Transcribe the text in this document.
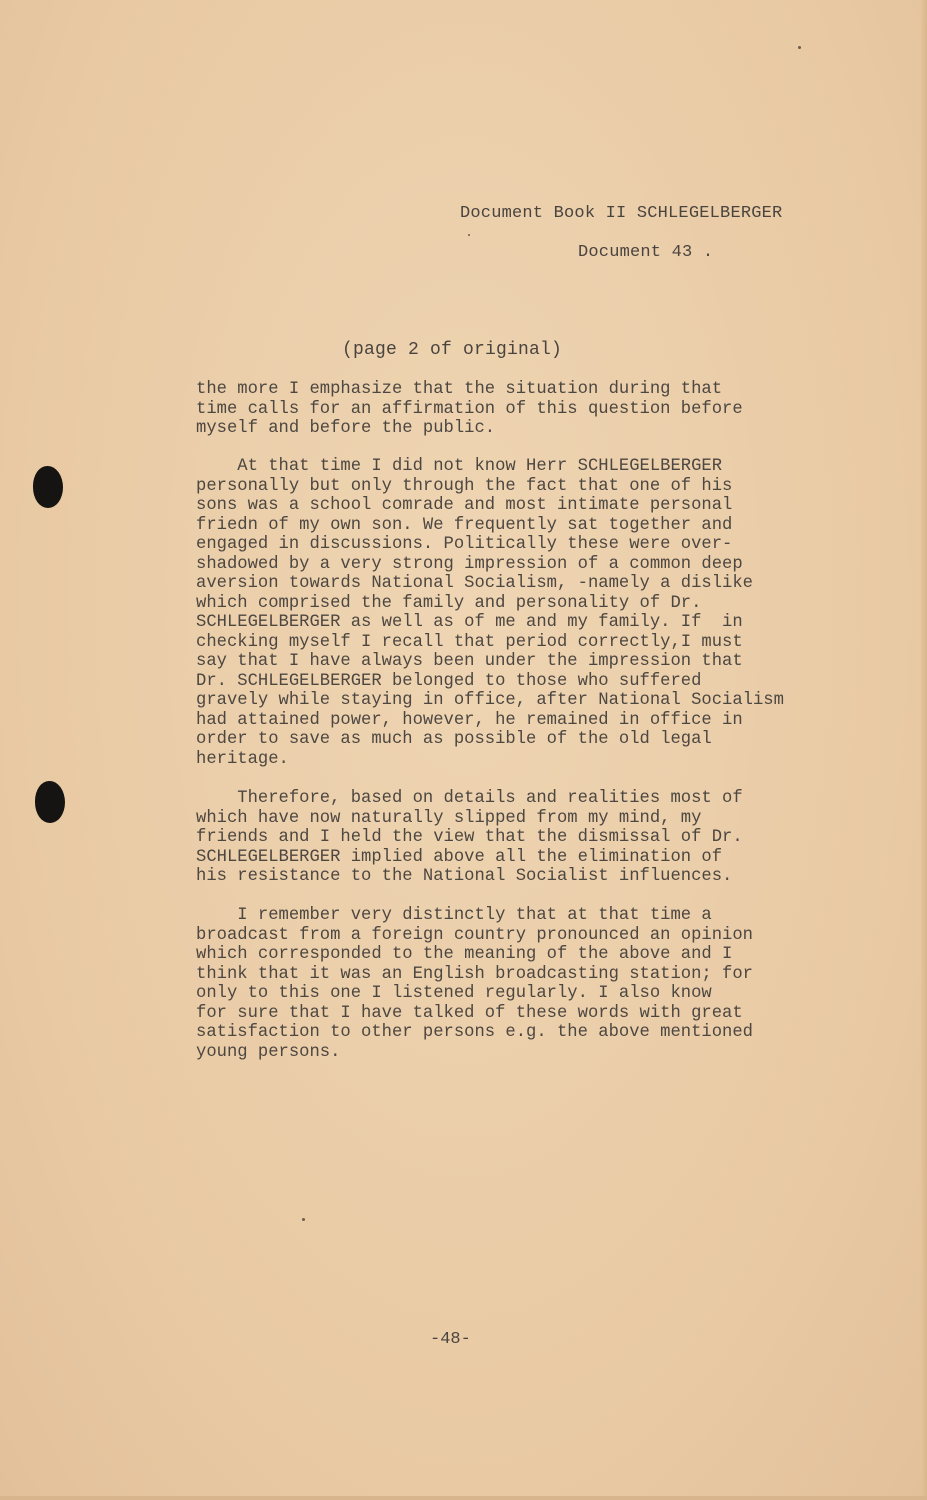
Document Book II SCHLEGELBERGER
Document 43 .
(page 2 of original)
the more I emphasize that the situation during that
time calls for an affirmation of this question before
myself and before the public.
At that time I did not know Herr SCHLEGELBERGER
personally but only through the fact that one of his
sons was a school comrade and most intimate personal
friedn of my own son. We frequently sat together and
engaged in discussions. Politically these were over-
shadowed by a very strong impression of a common deep
aversion towards National Socialism, -namely a dislike
which comprised the family and personality of Dr.
SCHLEGELBERGER as well as of me and my family. If  in
checking myself I recall that period correctly,I must
say that I have always been under the impression that
Dr. SCHLEGELBERGER belonged to those who suffered
gravely while staying in office, after National Socialism
had attained power, however, he remained in office in
order to save as much as possible of the old legal
heritage.
Therefore, based on details and realities most of
which have now naturally slipped from my mind, my
friends and I held the view that the dismissal of Dr.
SCHLEGELBERGER implied above all the elimination of
his resistance to the National Socialist influences.
I remember very distinctly that at that time a
broadcast from a foreign country pronounced an opinion
which corresponded to the meaning of the above and I
think that it was an English broadcasting station; for
only to this one I listened regularly. I also know
for sure that I have talked of these words with great
satisfaction to other persons e.g. the above mentioned
young persons.
-48-
